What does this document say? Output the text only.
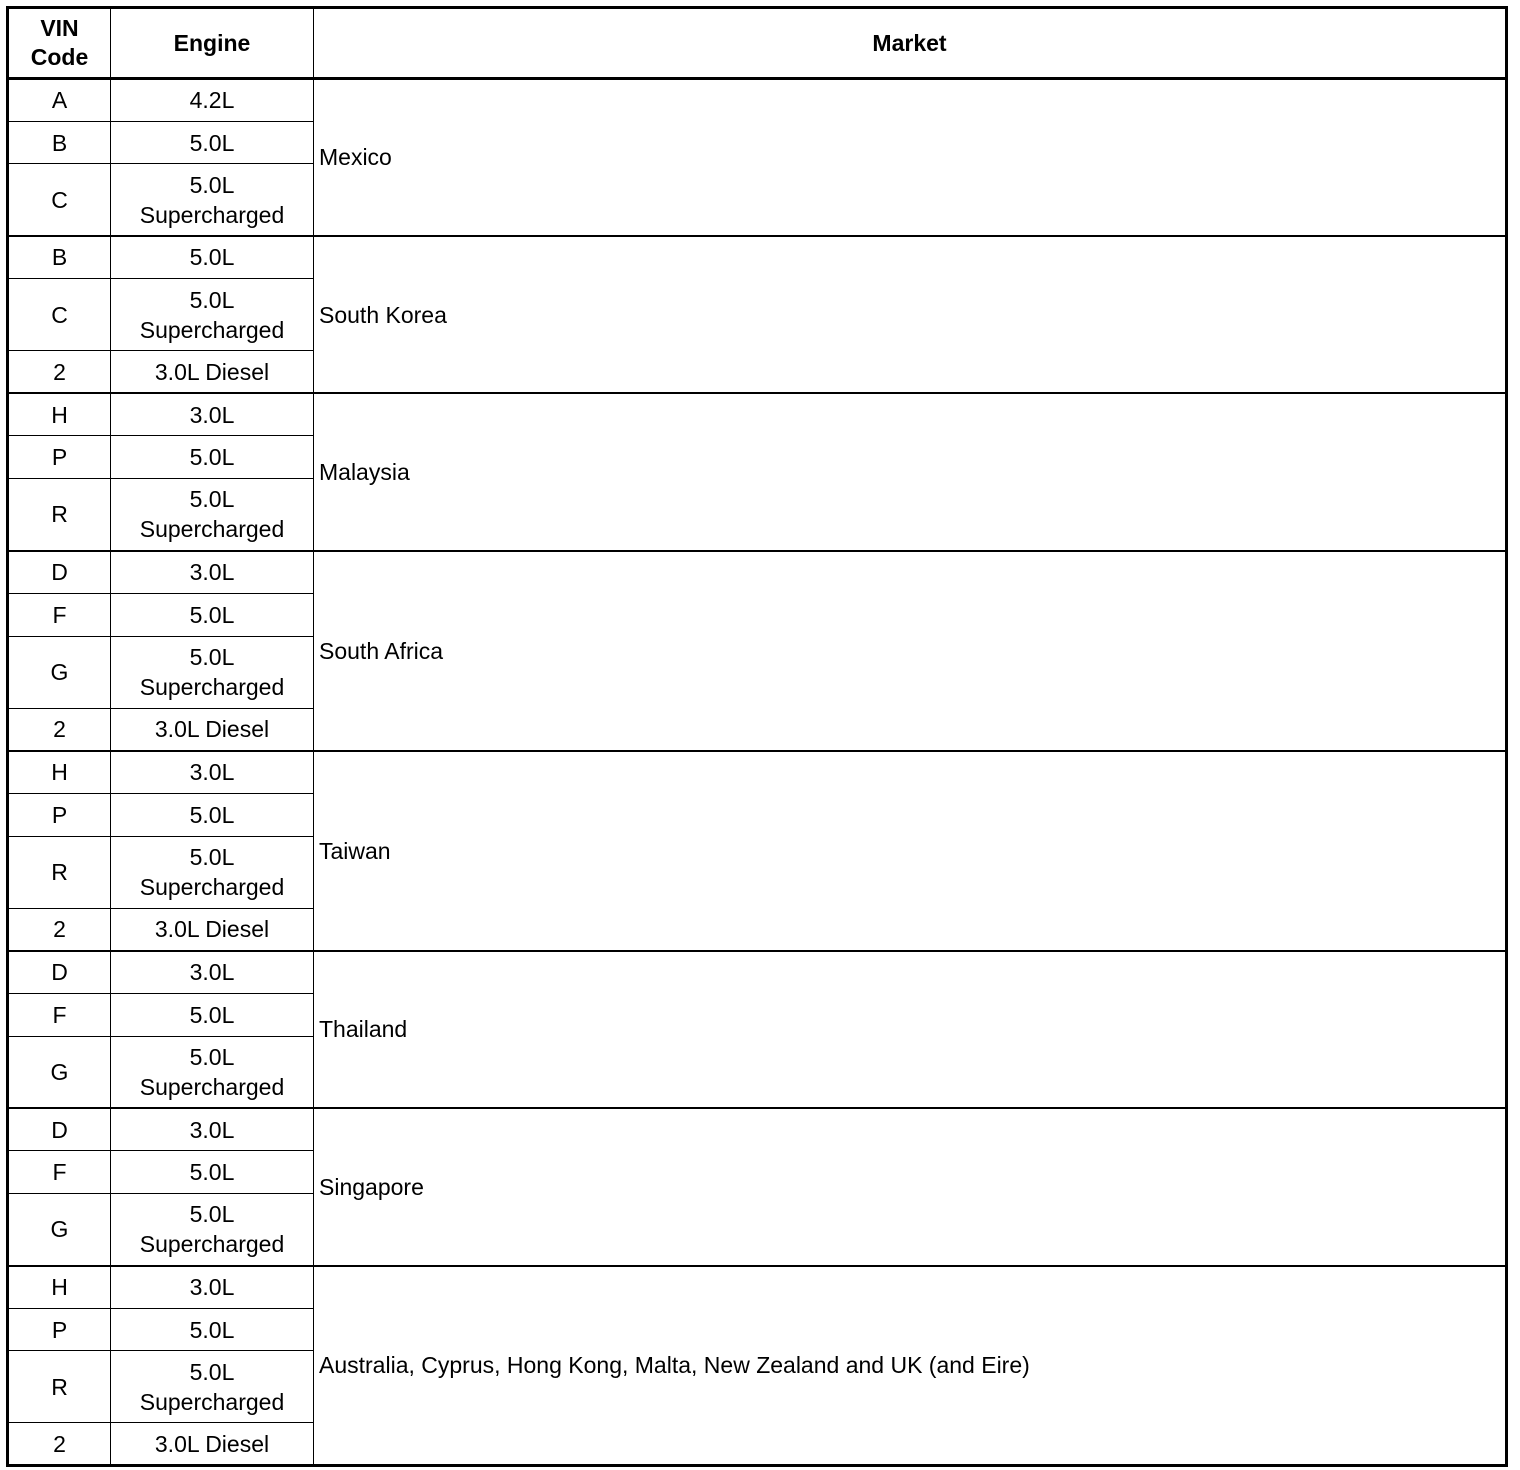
VIN
Code	Engine	Market
A	4.2L	Mexico
B	5.0L	

C	5.0L
Supercharged	

B	5.0L	South Korea
C	5.0L
Supercharged	

2	3.0L Diesel	

H	3.0L	Malaysia
P	5.0L	

R	5.0L
Supercharged	

D	3.0L	South Africa
F	5.0L	

G	5.0L
Supercharged	

2	3.0L Diesel	

H	3.0L	Taiwan
P	5.0L	

R	5.0L
Supercharged	

2	3.0L Diesel	

D	3.0L	Thailand
F	5.0L	

G	5.0L
Supercharged	

D	3.0L	Singapore
F	5.0L	

G	5.0L
Supercharged	

H	3.0L	Australia, Cyprus, Hong Kong, Malta, New Zealand and UK (and Eire)
P	5.0L	

R	5.0L
Supercharged	

2	3.0L Diesel	
